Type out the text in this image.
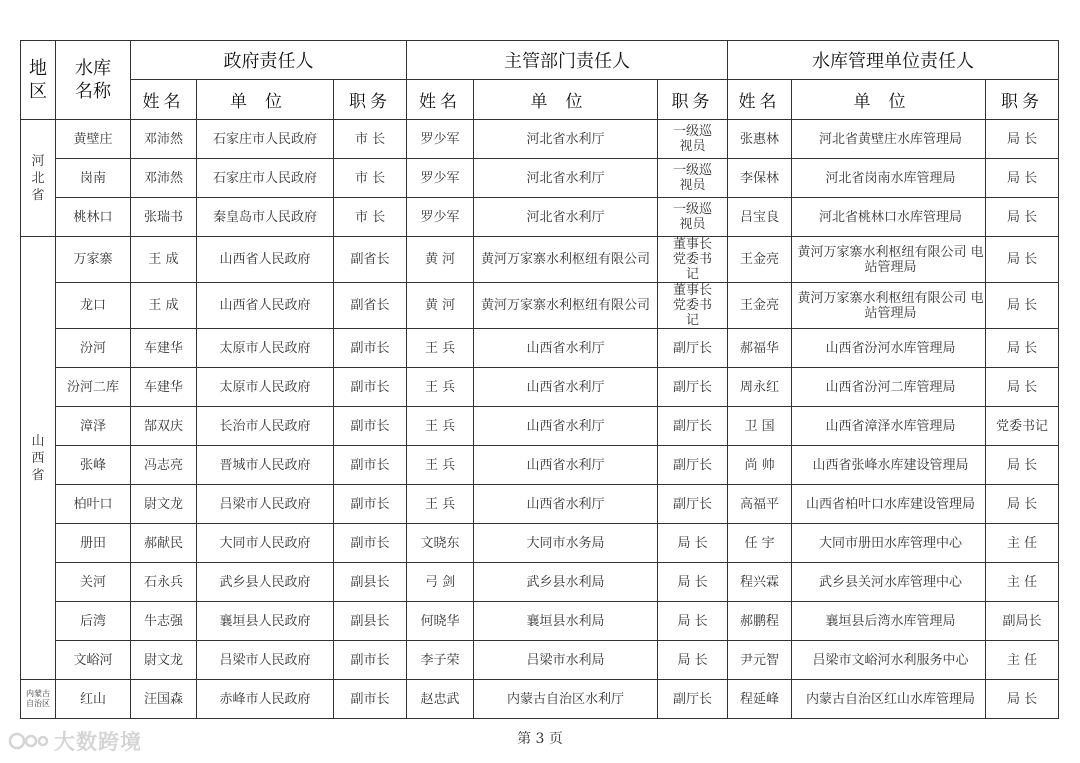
地区	水库名称	政府责任人			主管部门责任人			水库管理单位责任人		
		姓名	单位	职务	姓名	单位	职务	姓名	单位	职务
河北省	黄壁庄	邓沛然	石家庄市人民政府	市 长	罗少军	河北省水利厅	一级巡视员	张惠林	河北省黄壁庄水库管理局	局 长
	岗南	邓沛然	石家庄市人民政府	市 长	罗少军	河北省水利厅	一级巡视员	李保林	河北省岗南水库管理局	局 长
	桃林口	张瑞书	秦皇岛市人民政府	市 长	罗少军	河北省水利厅	一级巡视员	吕宝良	河北省桃林口水库管理局	局 长
山西省	万家寨	王 成	山西省人民政府	副省长	黄 河	黄河万家寨水利枢纽有限公司	董事长 党委书记	王金亮	黄河万家寨水利枢纽有限公司 电站管理局	局 长
	龙口	王 成	山西省人民政府	副省长	黄 河	黄河万家寨水利枢纽有限公司	董事长 党委书记	王金亮	黄河万家寨水利枢纽有限公司 电站管理局	局 长
	汾河	车建华	太原市人民政府	副市长	王 兵	山西省水利厅	副厅长	郝福华	山西省汾河水库管理局	局 长
	汾河二库	车建华	太原市人民政府	副市长	王 兵	山西省水利厅	副厅长	周永红	山西省汾河二库管理局	局 长
	漳泽	郜双庆	长治市人民政府	副市长	王 兵	山西省水利厅	副厅长	卫 国	山西省漳泽水库管理局	党委书记
	张峰	冯志亮	晋城市人民政府	副市长	王 兵	山西省水利厅	副厅长	尚 帅	山西省张峰水库建设管理局	局 长
	柏叶口	尉文龙	吕梁市人民政府	副市长	王 兵	山西省水利厅	副厅长	高福平	山西省柏叶口水库建设管理局	局 长
	册田	郝献民	大同市人民政府	副市长	文晓东	大同市水务局	局 长	任 宇	大同市册田水库管理中心	主 任
	关河	石永兵	武乡县人民政府	副县长	弓 剑	武乡县水利局	局 长	程兴霖	武乡县关河水库管理中心	主 任
	后湾	牛志强	襄垣县人民政府	副县长	何晓华	襄垣县水利局	局 长	郝鹏程	襄垣县后湾水库管理局	副局长
	文峪河	尉文龙	吕梁市人民政府	副市长	李子荣	吕梁市水利局	局 长	尹元智	吕梁市文峪河水利服务中心	主 任
内蒙古自治区	红山	汪国森	赤峰市人民政府	副市长	赵忠武	内蒙古自治区水利厅	副厅长	程延峰	内蒙古自治区红山水库管理局	局 长
第 3 页
大数跨境
